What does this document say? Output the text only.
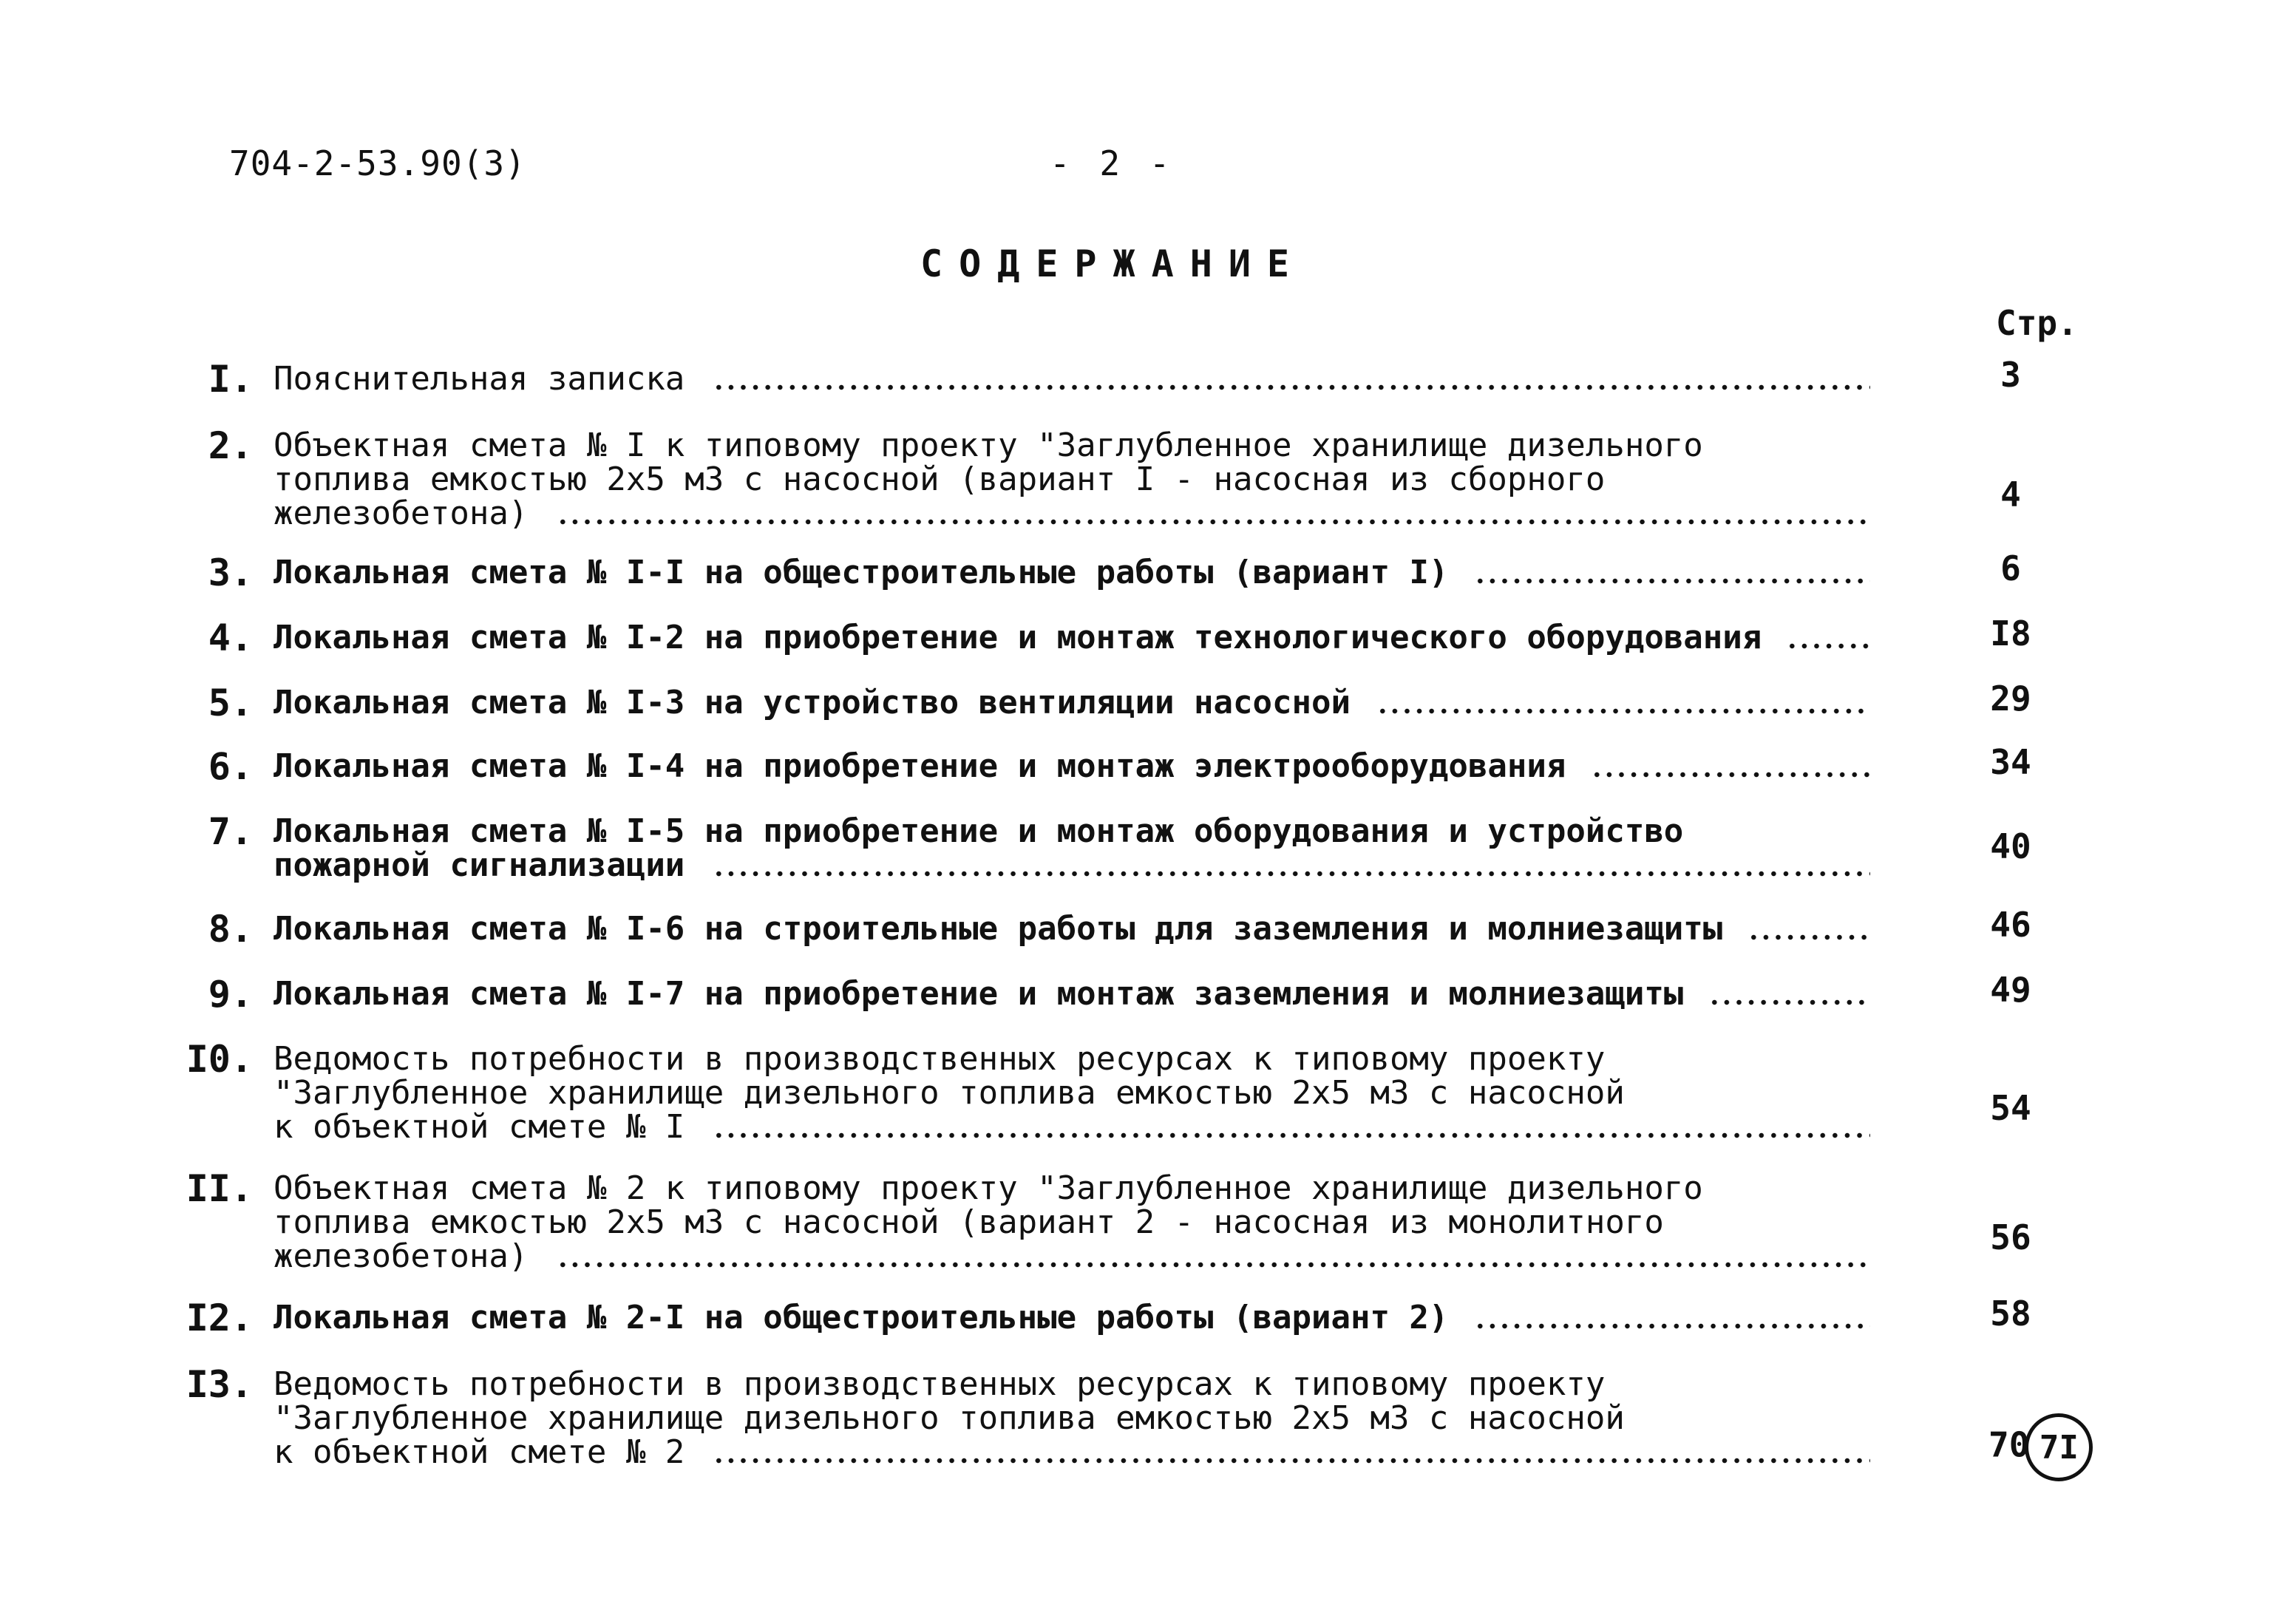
704-2-53.90(3)	- 2 -
СОДЕРЖАНИЕ
Стр.
I. Пояснительная записка	3
2. Объектная смета № I к типовому проекту "Заглубленное хранилище дизельного
топлива емкостью 2х5 м3 с насосной (вариант I - насосная из сборного
железобетона)	4
3. Локальная смета № I-I на общестроительные работы (вариант I)	6
4. Локальная смета № I-2 на приобретение и монтаж технологического оборудования	I8
5. Локальная смета № I-3 на устройство вентиляции насосной	29
6. Локальная смета № I-4 на приобретение и монтаж электрооборудования	34
7. Локальная смета № I-5 на приобретение и монтаж оборудования и устройство
пожарной сигнализации	40
8. Локальная смета № I-6 на строительные работы для заземления и молниезащиты	46
9. Локальная смета № I-7 на приобретение и монтаж заземления и молниезащиты	49
I0. Ведомость потребности в производственных ресурсах к типовому проекту
"Заглубленное хранилище дизельного топлива емкостью 2х5 м3 с насосной
к объектной смете № I	54
II. Объектная смета № 2 к типовому проекту "Заглубленное хранилище дизельного
топлива емкостью 2х5 м3 с насосной (вариант 2 - насосная из монолитного
железобетона)	56
I2. Локальная смета № 2-I на общестроительные работы (вариант 2)	58
I3. Ведомость потребности в производственных ресурсах к типовому проекту
"Заглубленное хранилище дизельного топлива емкостью 2х5 м3 с насосной
к объектной смете № 2	70 7I
